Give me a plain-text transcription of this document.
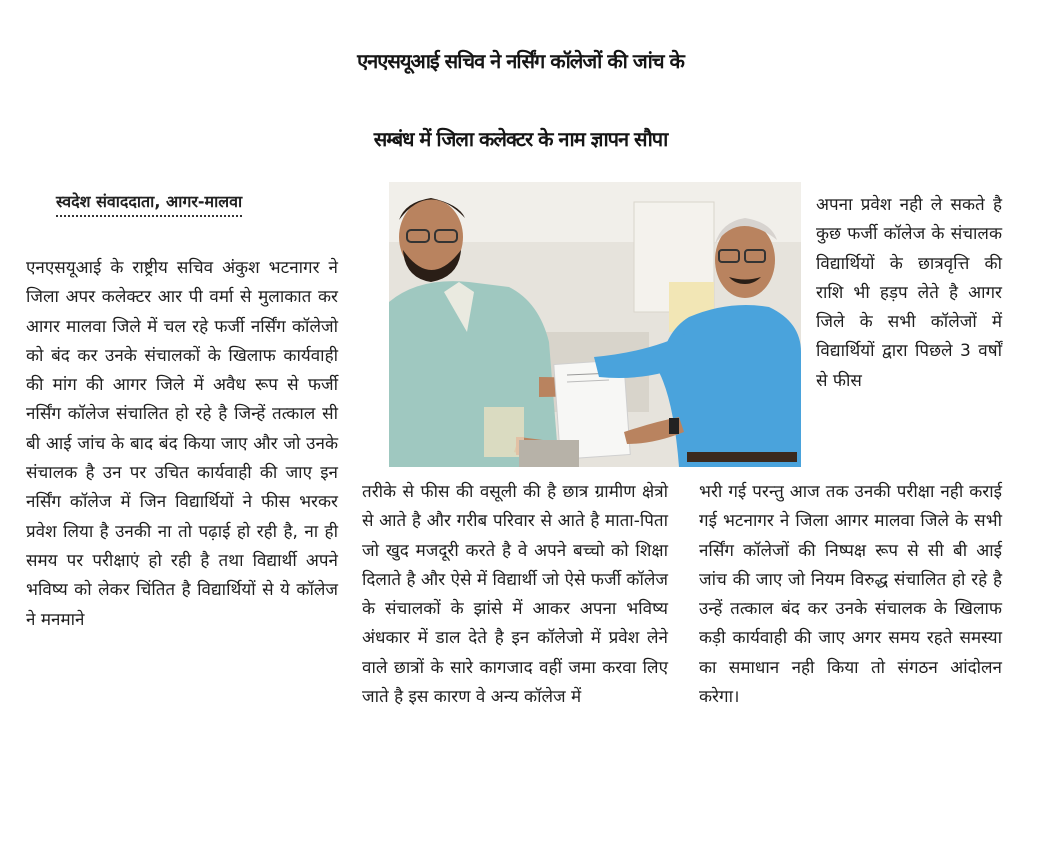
एनएसयूआई सचिव ने नर्सिंग कॉलेजों की जांच के
सम्बंध में जिला कलेक्टर के नाम ज्ञापन सौपा
स्वदेश संवाददाता, आगर-मालवा

एनएसयूआई के राष्ट्रीय सचिव अंकुश भटनागर ने जिला अपर कलेक्टर आर पी वर्मा से मुलाकात कर आगर मालवा जिले में चल रहे फर्जी नर्सिंग कॉलेजो को बंद कर उनके संचालकों के खिलाफ कार्यवाही की मांग की आगर जिले में अवैध रूप से फर्जी नर्सिंग कॉलेज संचालित हो रहे है जिन्हें तत्काल सी बी आई जांच के बाद बंद किया जाए और जो उनके संचालक है उन पर उचित कार्यवाही की जाए इन नर्सिंग कॉलेज में जिन विद्यार्थियों ने फीस भरकर प्रवेश लिया है उनकी ना तो पढ़ाई हो रही है, ना ही समय पर परीक्षाएं हो रही है तथा विद्यार्थी अपने भविष्य को लेकर चिंतित है विद्यार्थियों से ये कॉलेज ने मनमाने

तरीके से फीस की वसूली की है छात्र ग्रामीण क्षेत्रो से आते है और गरीब परिवार से आते है माता-पिता जो खुद मजदूरी करते है वे अपने बच्चो को शिक्षा दिलाते है और ऐसे में विद्यार्थी जो ऐसे फर्जी कॉलेज के संचालकों के झांसे में आकर अपना भविष्य अंधकार में डाल देते है इन कॉलेजो में प्रवेश लेने वाले छात्रों के सारे कागजाद वहीं जमा करवा लिए जाते है इस कारण वे अन्य कॉलेज में

अपना प्रवेश नही ले सकते है कुछ फर्जी कॉलेज के संचालक विद्यार्थियों के छात्रवृत्ति की राशि भी हड़प लेते है आगर जिले के सभी कॉलेजों में विद्यार्थियों द्वारा पिछले 3 वर्षों से फीस

भरी गई परन्तु आज तक उनकी परीक्षा नही कराई गई भटनागर ने जिला आगर मालवा जिले के सभी नर्सिंग कॉलेजों की निष्पक्ष रूप से सी बी आई जांच की जाए जो नियम विरुद्ध संचालित हो रहे है उन्हें तत्काल बंद कर उनके संचालक के खिलाफ कड़ी कार्यवाही की जाए अगर समय रहते समस्या का समाधान नही किया तो संगठन आंदोलन करेगा।
